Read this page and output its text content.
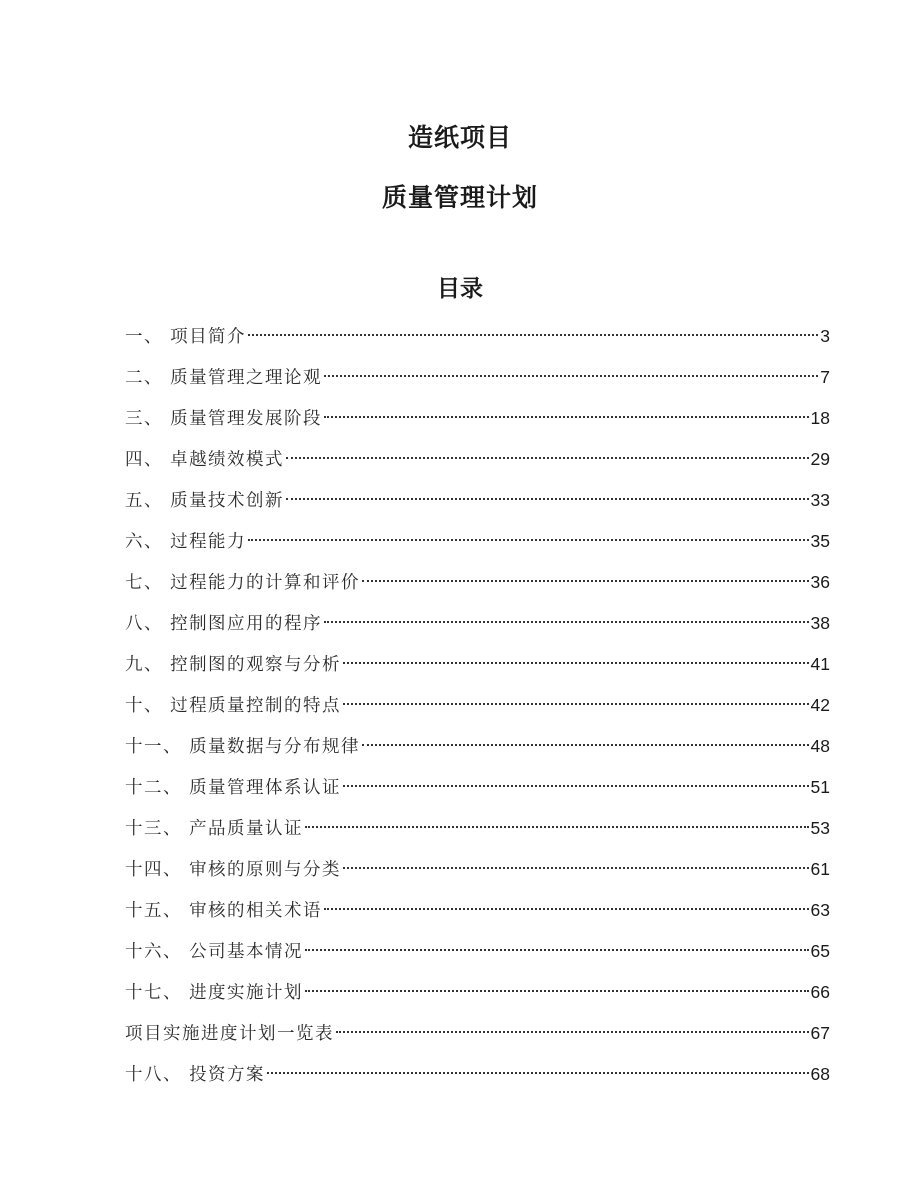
造纸项目
质量管理计划
目录
一、 项目简介	3
二、 质量管理之理论观	7
三、 质量管理发展阶段	18
四、 卓越绩效模式	29
五、 质量技术创新	33
六、 过程能力	35
七、 过程能力的计算和评价	36
八、 控制图应用的程序	38
九、 控制图的观察与分析	41
十、 过程质量控制的特点	42
十一、 质量数据与分布规律	48
十二、 质量管理体系认证	51
十三、 产品质量认证	53
十四、 审核的原则与分类	61
十五、 审核的相关术语	63
十六、 公司基本情况	65
十七、 进度实施计划	66
项目实施进度计划一览表	67
十八、 投资方案	68
